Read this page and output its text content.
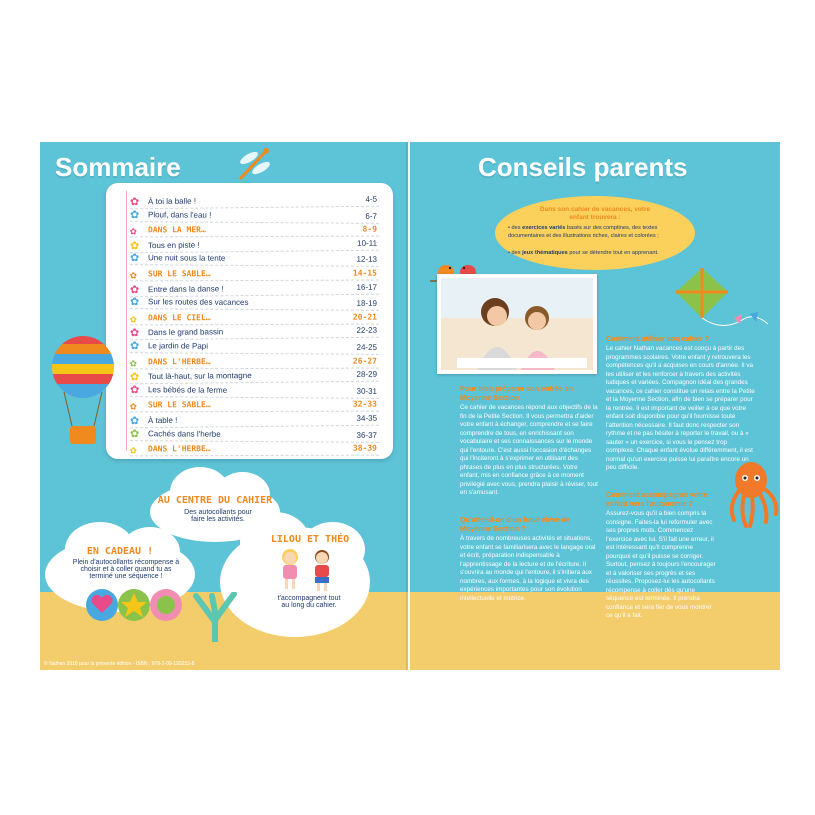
Sommaire
✿ À toi la balle !	4-5
✿ Plouf, dans l'eau !	6-7
✿ DANS LA MER…	8-9
✿ Tous en piste !	10-11
✿ Une nuit sous la tente	12-13
✿ SUR LE SABLE…	14-15
✿ Entre dans la danse !	16-17
✿ Sur les routes des vacances	18-19
✿ DANS LE CIEL…	20-21
✿ Dans le grand bassin	22-23
✿ Le jardin de Papi	24-25
✿ DANS L'HERBE…	26-27
✿ Tout là-haut, sur la montagne	28-29
✿ Les bébés de la ferme	30-31
✿ SUR LE SABLE…	32-33
✿ À table !	34-35
✿ Cachés dans l'herbe	36-37
✿ DANS L'HERBE…	38-39
AU CENTRE DU CAHIER
Des autocollants pour faire les activités.
EN CADEAU !
Plein d'autocollants récompense à choisir et à coller quand tu as terminé une séquence !
LILOU ET THÉO
t'accompagnent tout au long du cahier.
© Nathan 2018 pour la présente édition - ISBN : 978-2-09-193253-8
Conseils parents
Dans son cahier de vacances, votre enfant trouvera :
• des exercices variés basés sur des comptines, des textes documentaires et des illustrations riches, claires et colorées ;
• des jeux thématiques pour se détendre tout en apprenant.
Pour bien préparer son entrée en Moyenne Section

Ce cahier de vacances répond aux objectifs de la fin de la Petite Section. Il vous permettra d'aider votre enfant à échanger, comprendre et se faire comprendre de tous, en enrichissant son vocabulaire et ses connaissances sur le monde qui l'entoure. C'est aussi l'occasion d'échanges qui l'inciteront à s'exprimer en utilisant des phrases de plus en plus structurées. Votre enfant, mis en confiance grâce à ce moment privilégié avec vous, prendra plaisir à réviser, tout en s'amusant.

Qu'attend-on d'un futur élève de Moyenne Section ?

À travers de nombreuses activités et situations, votre enfant se familiarisera avec le langage oral et écrit, préparation indispensable à l'apprentissage de la lecture et de l'écriture. Il s'ouvrira au monde qui l'entoure, il s'initiera aux nombres, aux formes, à la logique et vivra des expériences importantes pour son évolution intellectuelle et motrice.

Comment utiliser son cahier ?

Le cahier Nathan vacances est conçu à partir des programmes scolaires. Votre enfant y retrouvera les compétences qu'il a acquises en cours d'année. Il va les utiliser et les renforcer à travers des activités ludiques et variées. Compagnon idéal des grandes vacances, ce cahier constitue un relais entre la Petite et la Moyenne Section, afin de bien se préparer pour la rentrée. Il est important de veiller à ce que votre enfant soit disponible pour qu'il fournisse toute l'attention nécessaire. Il faut donc respecter son rythme et ne pas hésiter à reporter le travail, ou à « sauter » un exercice, si vous le pensez trop complexe. Chaque enfant évolue différemment, il est normal qu'un exercice puisse lui paraître encore un peu difficile.

Comment accompagner votre enfant vers l'autonomie ?

Assurez-vous qu'il a bien compris la consigne. Faites-la lui reformuler avec ses propres mots. Commencez l'exercice avec lui. S'il fait une erreur, il est intéressant qu'il comprenne pourquoi et qu'il puisse se corriger. Surtout, pensez à toujours l'encourager et à valoriser ses progrès et ses réussites. Proposez-lui les autocollants récompense à coller dès qu'une séquence est terminée. Il prendra confiance et sera fier de vous montrer ce qu'il a fait.
